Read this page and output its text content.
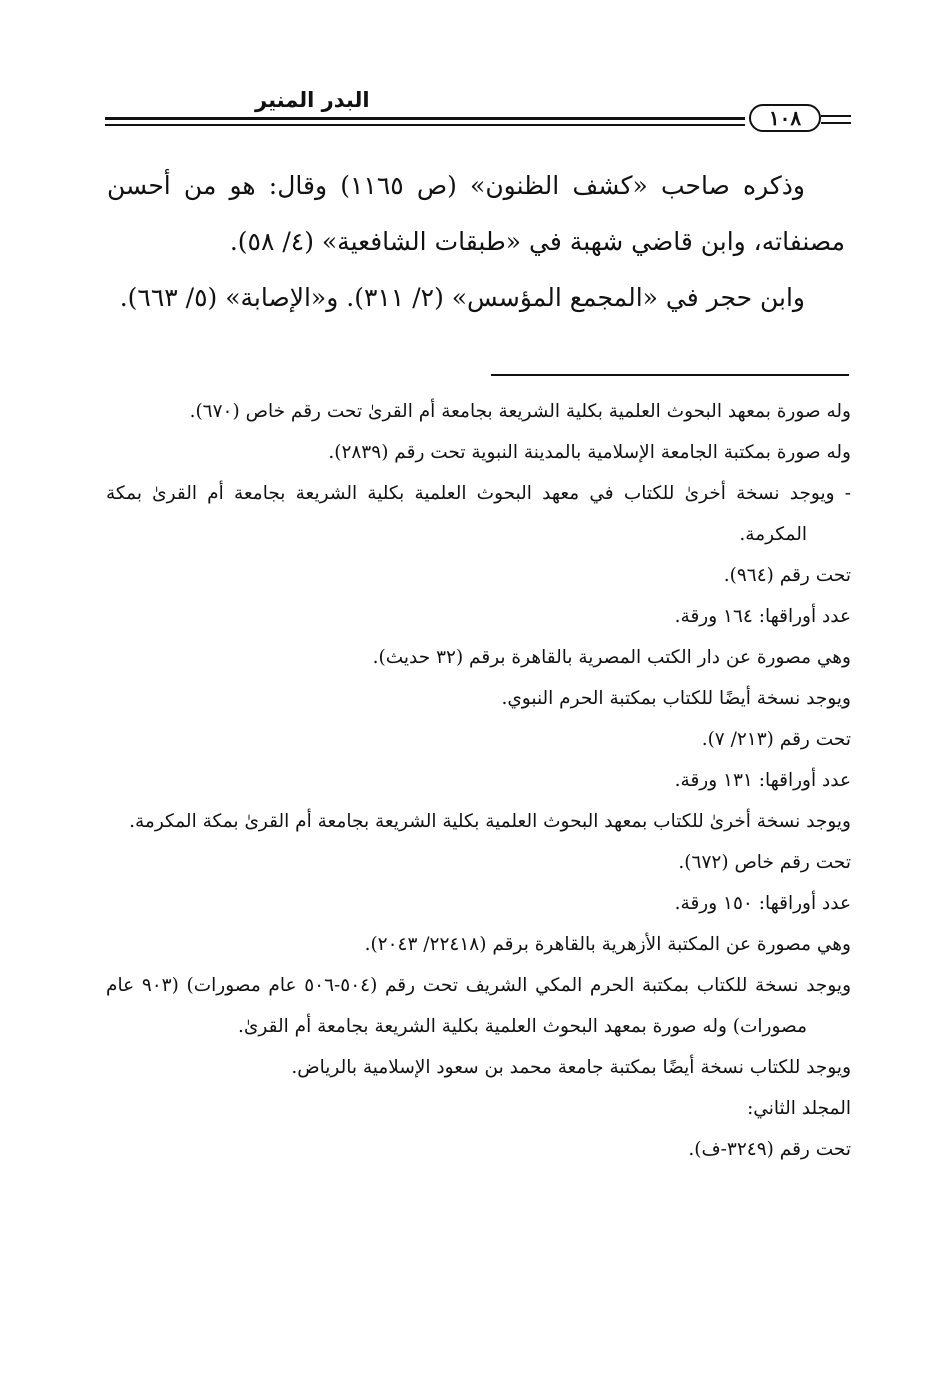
البدر المنير
١٠٨

وذكره صاحب «كشف الظنون» (ص ١١٦٥) وقال: هو من أحسن مصنفاته، وابن قاضي شهبة في «طبقات الشافعية» (٤/ ٥٨).

وابن حجر في «المجمع المؤسس» (٢/ ٣١١). و«الإصابة» (٥/ ٦٦٣).

وله صورة بمعهد البحوث العلمية بكلية الشريعة بجامعة أم القرىٰ تحت رقم خاص (٦٧٠).

وله صورة بمكتبة الجامعة الإسلامية بالمدينة النبوية تحت رقم (٢٨٣٩).

- ويوجد نسخة أخرىٰ للكتاب في معهد البحوث العلمية بكلية الشريعة بجامعة أم القرىٰ بمكة المكرمة.

تحت رقم (٩٦٤).

عدد أوراقها: ١٦٤ ورقة.

وهي مصورة عن دار الكتب المصرية بالقاهرة برقم (٣٢ حديث).

ويوجد نسخة أيضًا للكتاب بمكتبة الحرم النبوي.

تحت رقم (٢١٣/ ٧).

عدد أوراقها: ١٣١ ورقة.

ويوجد نسخة أخرىٰ للكتاب بمعهد البحوث العلمية بكلية الشريعة بجامعة أم القرىٰ بمكة المكرمة.

تحت رقم خاص (٦٧٢).

عدد أوراقها: ١٥٠ ورقة.

وهي مصورة عن المكتبة الأزهرية بالقاهرة برقم (٢٢٤١٨/ ٢٠٤٣).

ويوجد نسخة للكتاب بمكتبة الحرم المكي الشريف تحت رقم (٥٠٤-٥٠٦ عام مصورات) (٩٠٣ عام مصورات) وله صورة بمعهد البحوث العلمية بكلية الشريعة بجامعة أم القرىٰ.

ويوجد للكتاب نسخة أيضًا بمكتبة جامعة محمد بن سعود الإسلامية بالرياض.

المجلد الثاني:

تحت رقم (٣٢٤٩-ف).
